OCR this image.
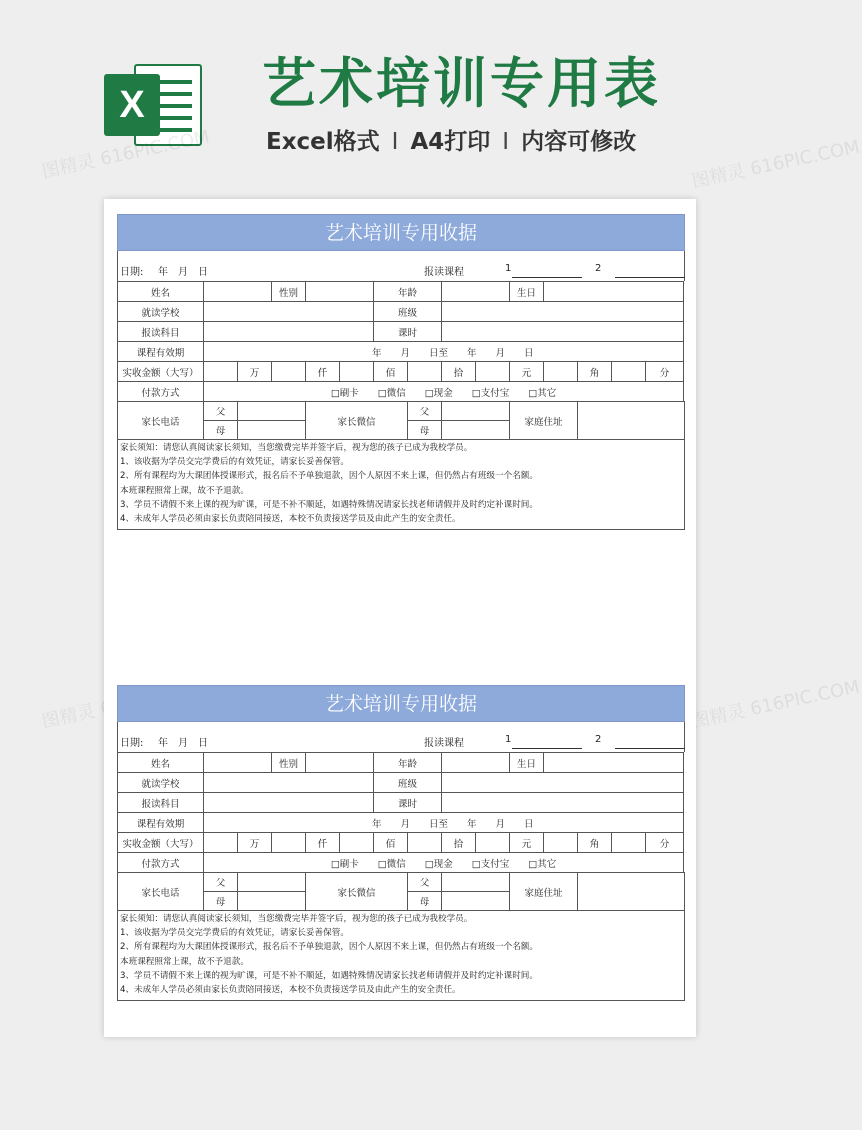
X 艺术培训专用表
Excel格式 I A4打印 I 内容可修改
图精灵 616PIC.COM	图精灵 616PIC.COM
图精灵	图精灵 616PIC.COM
艺术培训专用收据
日期: 年 月 日	报读课程	1	2
姓名			性别			年龄				生日				
就读学校						班级								
报读科目						课时								
课程有效期	年　　月　　日至　　年　　月　　日													
实收金额（大写）		万		仟		佰		拾		元		角		分
付款方式	□刷卡　　□微信　　□现金　　□支付宝　　□其它													
家长电话	父			家长微信			父			家庭住址				
	母						母							
家长须知：请您认真阅读家长须知，当您缴费完毕并签字后，视为您的孩子已成为我校学员。
1、该收据为学员交完学费后的有效凭证，请家长妥善保管。
2、所有课程均为大课团体授课形式，报名后不予单独退款，因个人原因不来上课，但仍然占有班级一个名额。
本班课程照常上课，故不予退款。
3、学员不请假不来上课的视为旷课，可是不补不顺延，如遇特殊情况请家长找老师请假并及时约定补课时间。
4、未成年人学员必须由家长负责陪同接送，本校不负责接送学员及由此产生的安全责任。
艺术培训专用收据
日期: 年 月 日	报读课程	1	2
姓名			性别			年龄				生日				
就读学校						班级								
报读科目						课时								
课程有效期	年　　月　　日至　　年　　月　　日													
实收金额（大写）		万		仟		佰		拾		元		角		分
付款方式	□刷卡　　□微信　　□现金　　□支付宝　　□其它													
家长电话	父			家长微信			父			家庭住址				
	母						母							
家长须知：请您认真阅读家长须知，当您缴费完毕并签字后，视为您的孩子已成为我校学员。
1、该收据为学员交完学费后的有效凭证，请家长妥善保管。
2、所有课程均为大课团体授课形式，报名后不予单独退款，因个人原因不来上课，但仍然占有班级一个名额。
本班课程照常上课，故不予退款。
3、学员不请假不来上课的视为旷课，可是不补不顺延，如遇特殊情况请家长找老师请假并及时约定补课时间。
4、未成年人学员必须由家长负责陪同接送，本校不负责接送学员及由此产生的安全责任。
